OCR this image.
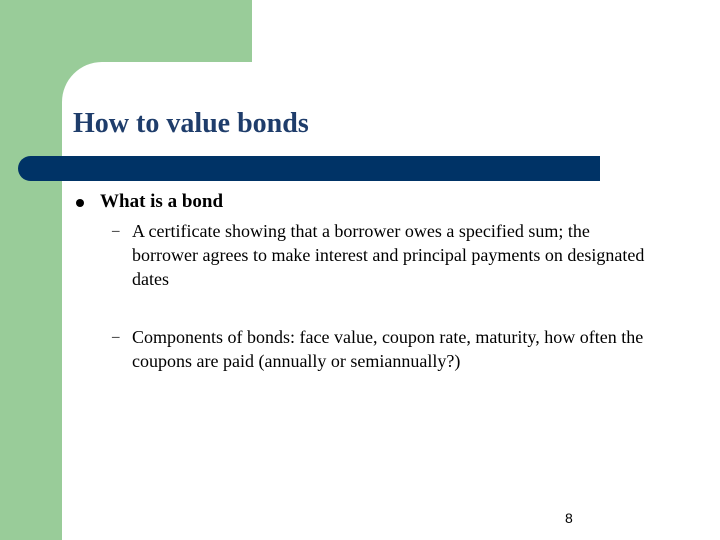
How to value bonds
What is a bond
– A certificate showing that a borrower owes a specified sum; the borrower agrees to make interest and principal payments on designated dates
– Components of bonds: face value, coupon rate, maturity, how often the coupons are paid (annually or semiannually?)
8
